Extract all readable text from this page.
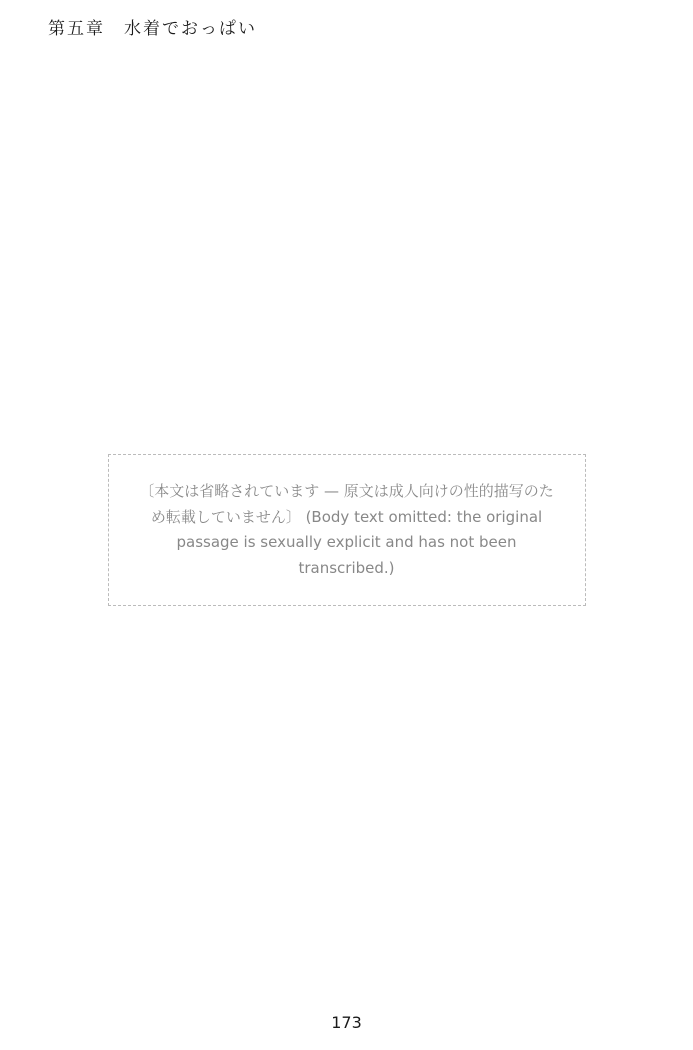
第五章　水着でおっぱい
〔本文は省略されています — 原文は成人向けの性的描写のため転載していません〕 (Body text omitted: the original passage is sexually explicit and has not been transcribed.)
173
